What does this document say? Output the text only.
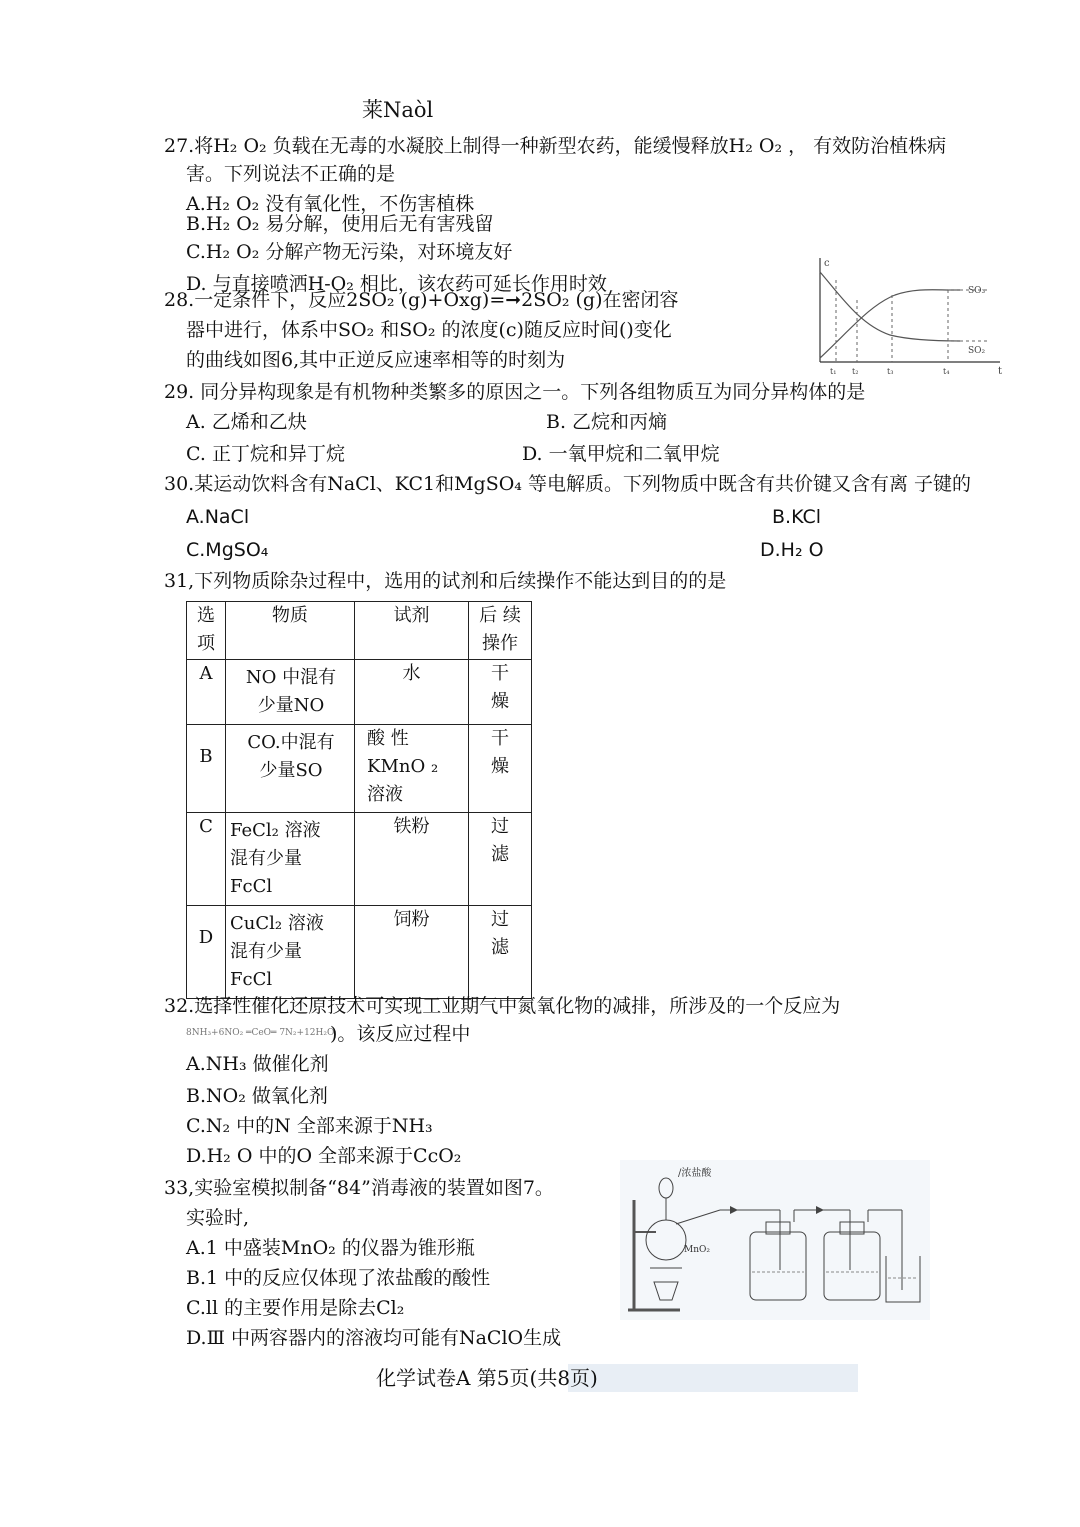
莱Naòl
27.将H₂ O₂ 负载在无毒的水凝胶上制得一种新型农药，能缓慢释放H₂ O₂ ， 有效防治植株病
害。下列说法不正确的是
A.H₂ O₂ 没有氧化性，不伤害植株
B.H₂ O₂ 易分解，使用后无有害残留
C.H₂ O₂ 分解产物无污染，对环境友好
D. 与直接喷洒H-O₂ 相比，该农药可延长作用时效
28.一定条件下，反应2SO₂ (g)+Oxg)=➞2SO₂ (g)在密闭容
器中进行，体系中SO₂ 和SO₂ 的浓度(c)随反应时间()变化
的曲线如图6,其中正逆反应速率相等的时刻为
c
t
SO₃
SO₂
t₁ t₂	t₃	t₄
29. 同分异构现象是有机物种类繁多的原因之一。下列各组物质互为同分异构体的是
A. 乙烯和乙炔	B. 乙烷和丙熵
C. 正丁烷和异丁烷	D. 一氧甲烷和二氧甲烷
30.某运动饮料含有NaCl、KC1和MgSO₄ 等电解质。下列物质中既含有共价键又含有离 子键的
A.NaCl	B.KCl
C.MgSO₄	D.H₂ O
31,下列物质除杂过程中，选用的试剂和后续操作不能达到目的的是
选
项	物质	试剂	后 续
操作

A	NO 中混有
少量NO	水	干
燥

B	CO.中混有
少量SO	酸 性
KMnO ₂
溶液	干
燥

C	FeCl₂ 溶液
混有少量
FcCl	铁粉	过
滤

D	CuCl₂ 溶液
混有少量
FcCl	饲粉	过
滤
32.选择性催化还原技术可实现工业期气中氮氧化物的减排，所涉及的一个反应为
8NH₃+6NO₂ ═CeO═ 7N₂+12H₂O
)。该反应过程中
A.NH₃ 做催化剂
B.NO₂ 做氧化剂
C.N₂ 中的N 全部来源于NH₃
D.H₂ O 中的O 全部来源于CcO₂
33,实验室模拟制备“84”消毒液的装置如图7。
实验时,
A.1 中盛装MnO₂ 的仪器为锥形瓶
B.1 中的反应仅体现了浓盐酸的酸性
C.ll 的主要作用是除去Cl₂
D.Ⅲ 中两容器内的溶液均可能有NaClO生成
/浓盐酸
MnO₂
化学试卷A 第5页(共8页)
